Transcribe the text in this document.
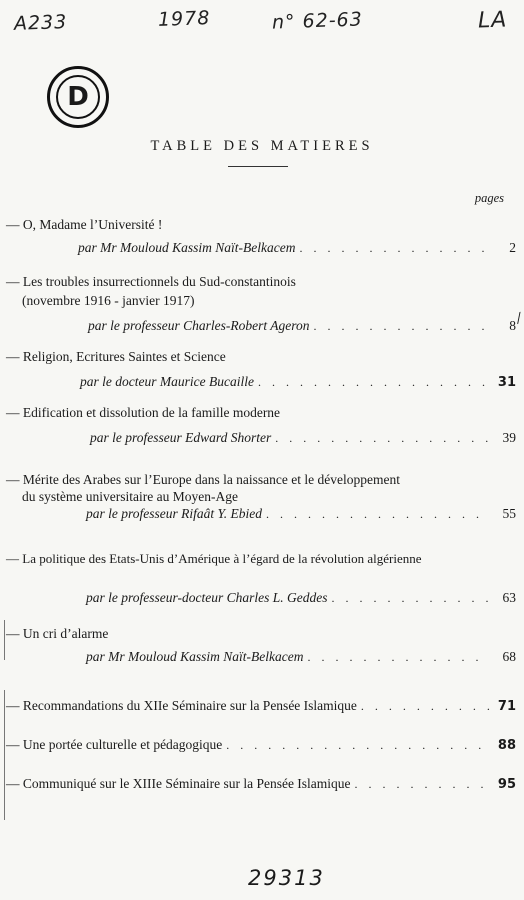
A233	1978	n° 62-63	LA
D
TABLE DES MATIERES
pages
— O, Madame l’Université !
par
Mr Mouloud Kassim Naït-Belkacem . . .	2
— Les troubles insurrectionnels du Sud-constantinois
(novembre 1916 - janvier 1917)
par le professeur
Charles-Robert Ageron . . .	8
⁄
— Religion, Ecritures Saintes et Science
par le docteur
Maurice Bucaille . . .	31
— Edification et dissolution de la famille moderne
par le professeur
Edward Shorter . . .	39
— Mérite des Arabes sur l’Europe dans la naissance et le développement
du système universitaire au Moyen-Age
par le professeur
Rifaât Y. Ebied . . .	55
— La politique des Etats-Unis d’Amérique à l’égard de la révolution algérienne
par le professeur-docteur
Charles L. Geddes . . .	63
— Un cri d’alarme
par
Mr Mouloud Kassim Naït-Belkacem . . .	68
— Recommandations du XIIe Séminaire sur la Pensée Islamique . . .	71
— Une portée culturelle et pédagogique . . .	88
— Communiqué sur le XIIIe Séminaire sur la Pensée Islamique . . .	95
29313
